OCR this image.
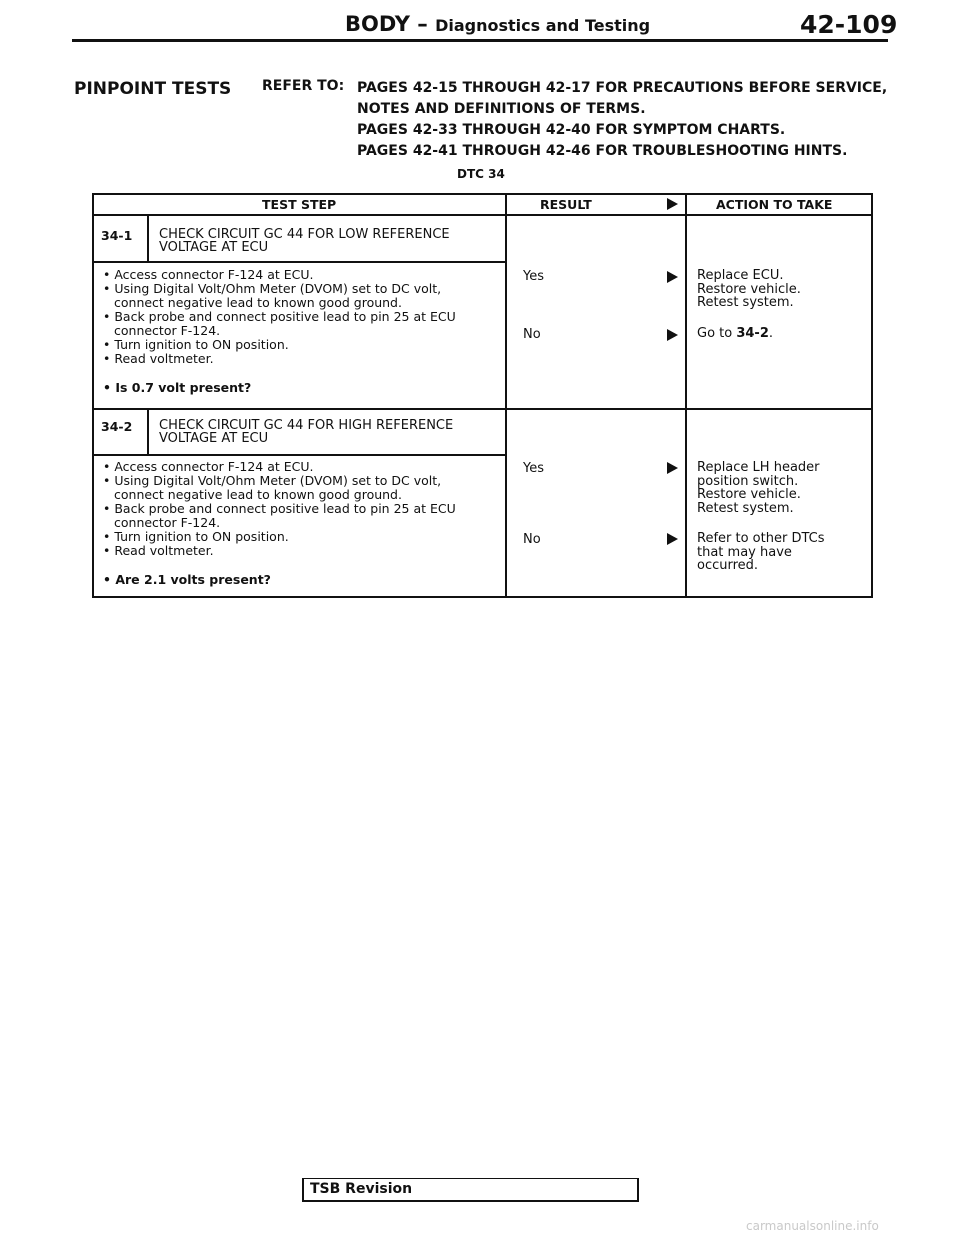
BODY – Diagnostics and Testing	42-109
PINPOINT TESTS REFER TO: PAGES 42-15 THROUGH 42-17 FOR PRECAUTIONS BEFORE SERVICE,
NOTES AND DEFINITIONS OF TERMS.
PAGES 42-33 THROUGH 42-40 FOR SYMPTOM CHARTS.
PAGES 42-41 THROUGH 42-46 FOR TROUBLESHOOTING HINTS.
DTC 34
TEST STEP	RESULT	ACTION TO TAKE
34-1 CHECK CIRCUIT GC 44 FOR LOW REFERENCE
VOLTAGE AT ECU
• Access connector F-124 at ECU.
• Using Digital Volt/Ohm Meter (DVOM) set to DC volt,
connect negative lead to known good ground.
• Back probe and connect positive lead to pin 25 at ECU
connector F-124.
• Turn ignition to ON position.
• Read voltmeter.
• Is 0.7 volt present?
Yes	Replace ECU.
Restore vehicle.
Retest system.
No	Go to 34-2.
34-2 CHECK CIRCUIT GC 44 FOR HIGH REFERENCE
VOLTAGE AT ECU
• Access connector F-124 at ECU.
• Using Digital Volt/Ohm Meter (DVOM) set to DC volt,
connect negative lead to known good ground.
• Back probe and connect positive lead to pin 25 at ECU
connector F-124.
• Turn ignition to ON position.
• Read voltmeter.
• Are 2.1 volts present?
Yes	Replace LH header
position switch.
Restore vehicle.
Retest system.
No	Refer to other DTCs
that may have
occurred.
TSB Revision
carmanualsonline.info
